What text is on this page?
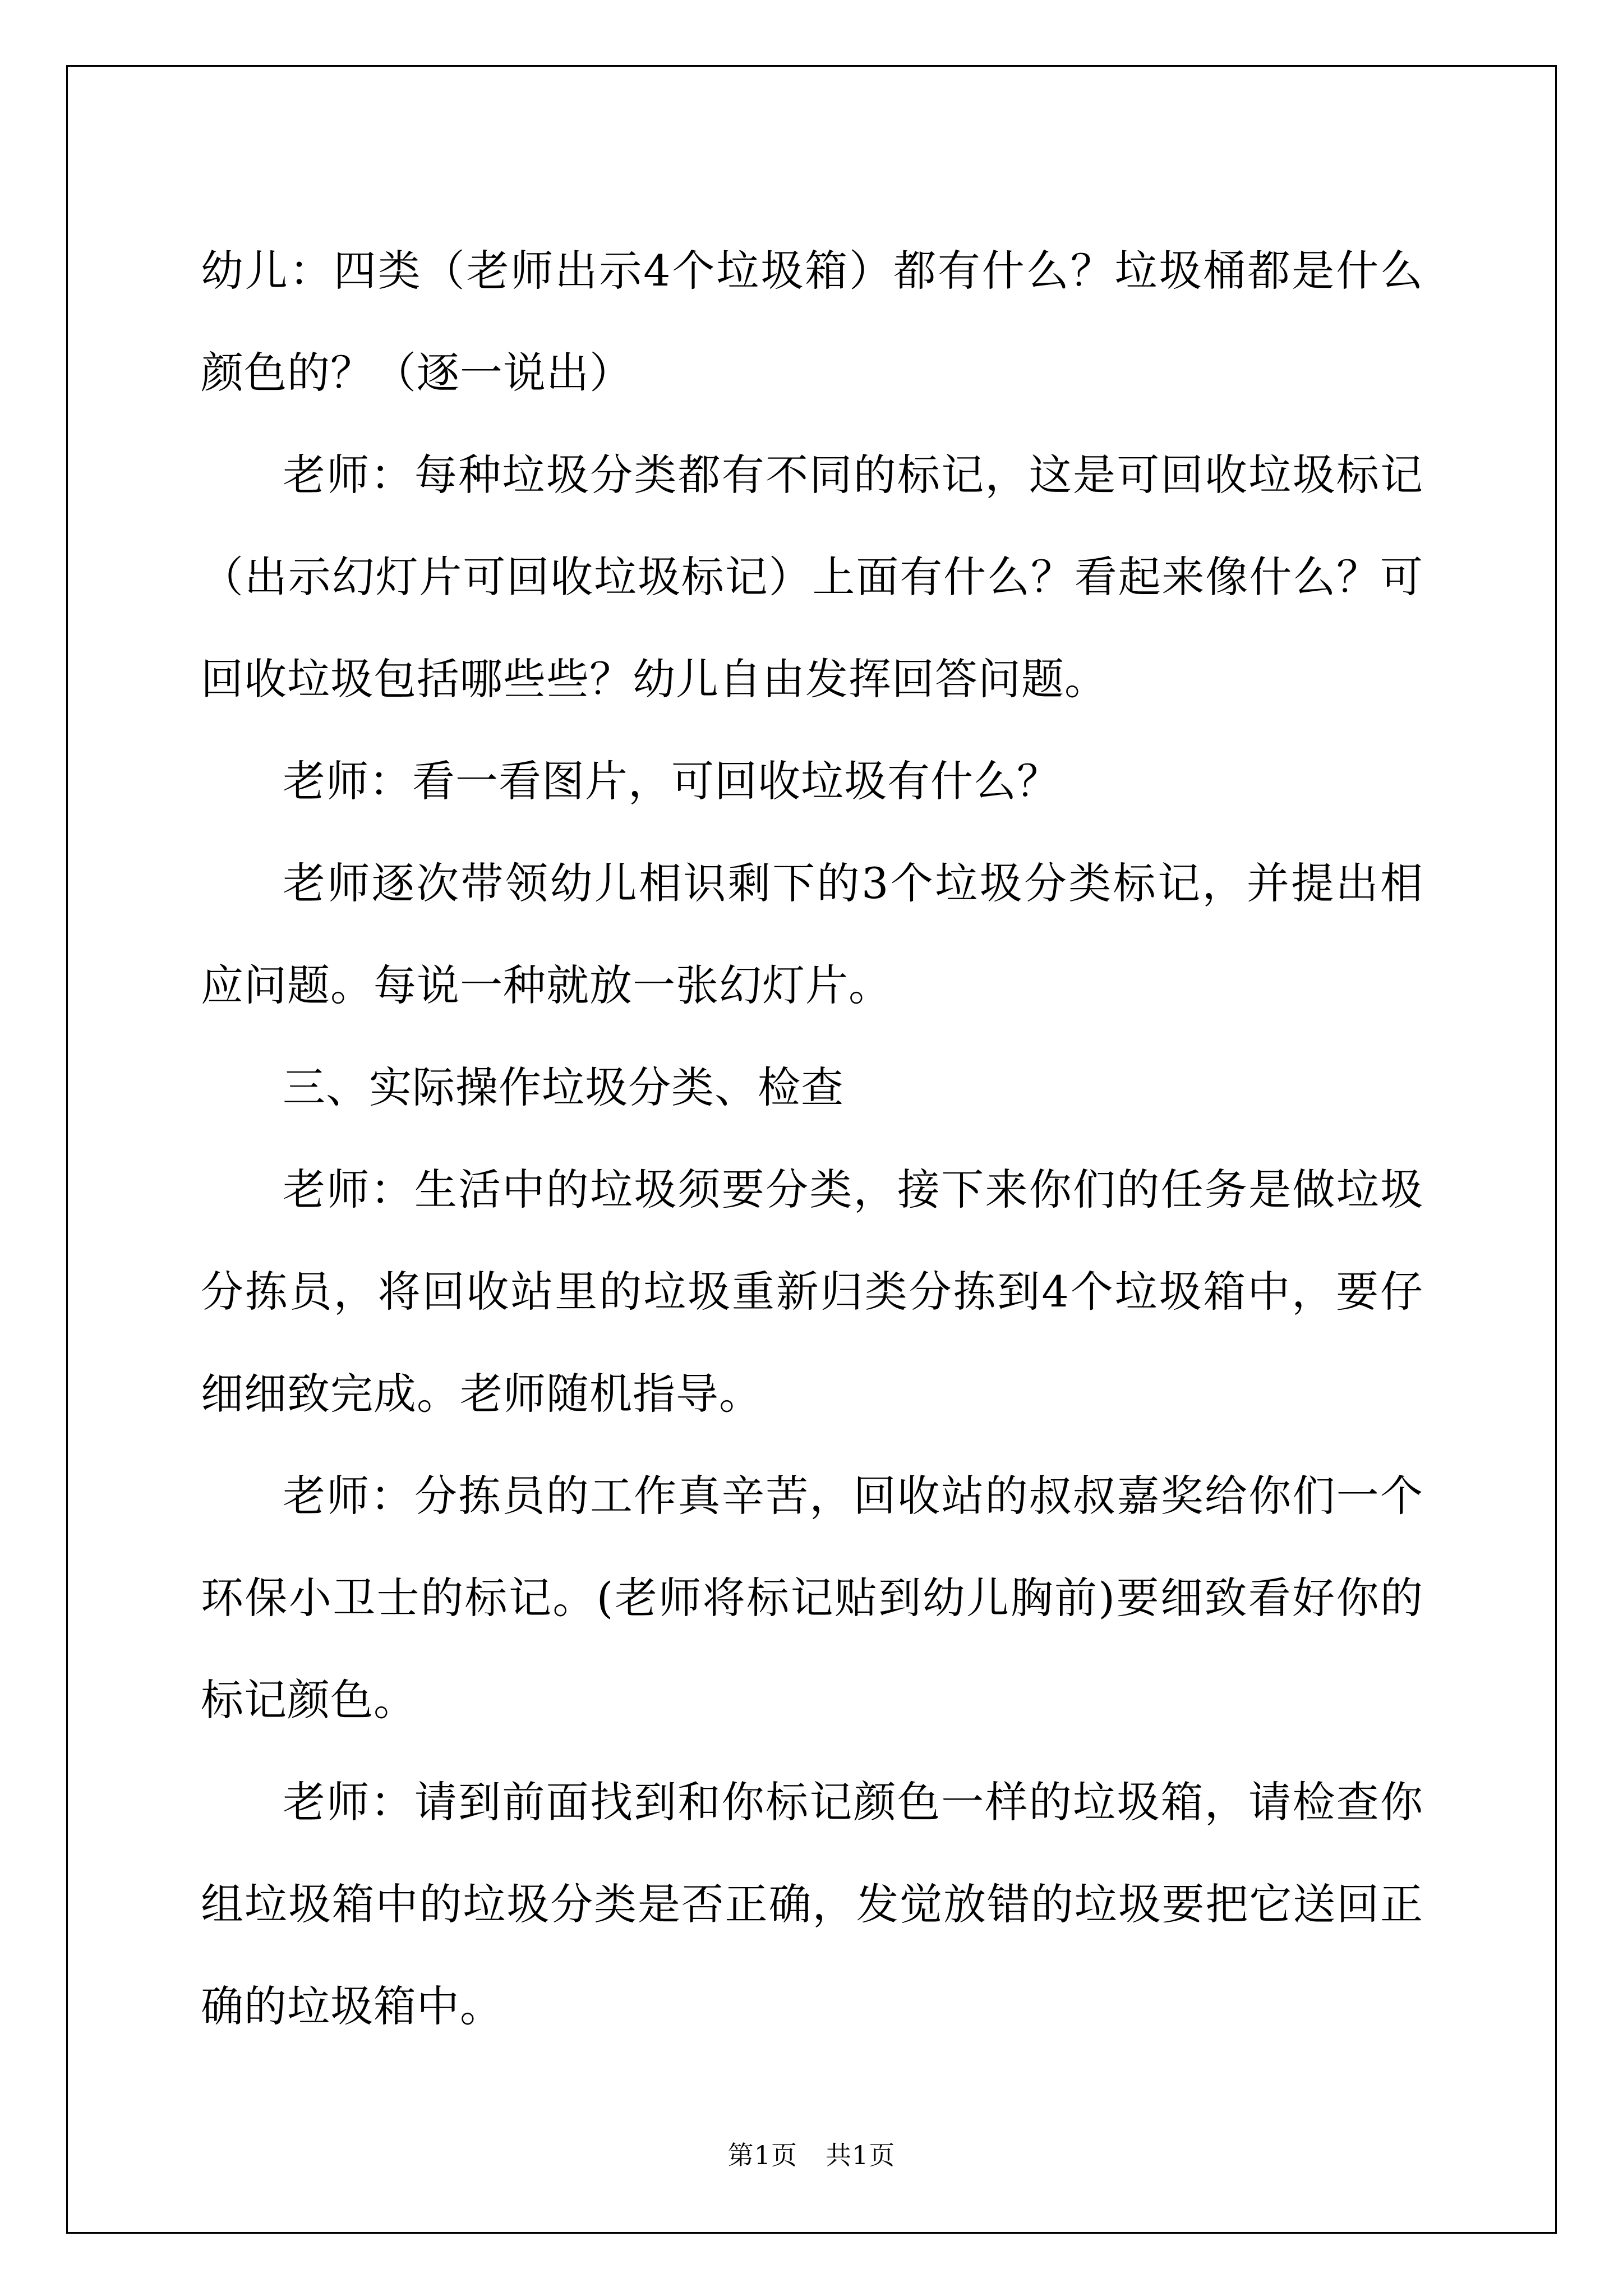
幼儿：四类（老师出示4个垃圾箱）都有什么？垃圾桶都是什么颜色的？（逐一说出）

老师：每种垃圾分类都有不同的标记，这是可回收垃圾标记（出示幻灯片可回收垃圾标记）上面有什么？看起来像什么？可回收垃圾包括哪些些？幼儿自由发挥回答问题。

老师：看一看图片，可回收垃圾有什么？

老师逐次带领幼儿相识剩下的3个垃圾分类标记，并提出相应问题。每说一种就放一张幻灯片。

三、实际操作垃圾分类、检查

老师：生活中的垃圾须要分类，接下来你们的任务是做垃圾分拣员，将回收站里的垃圾重新归类分拣到4个垃圾箱中，要仔细细致完成。老师随机指导。

老师：分拣员的工作真辛苦，回收站的叔叔嘉奖给你们一个环保小卫士的标记。(老师将标记贴到幼儿胸前)要细致看好你的标记颜色。

老师：请到前面找到和你标记颜色一样的垃圾箱，请检查你组垃圾箱中的垃圾分类是否正确，发觉放错的垃圾要把它送回正确的垃圾箱中。

第1页 共1页
